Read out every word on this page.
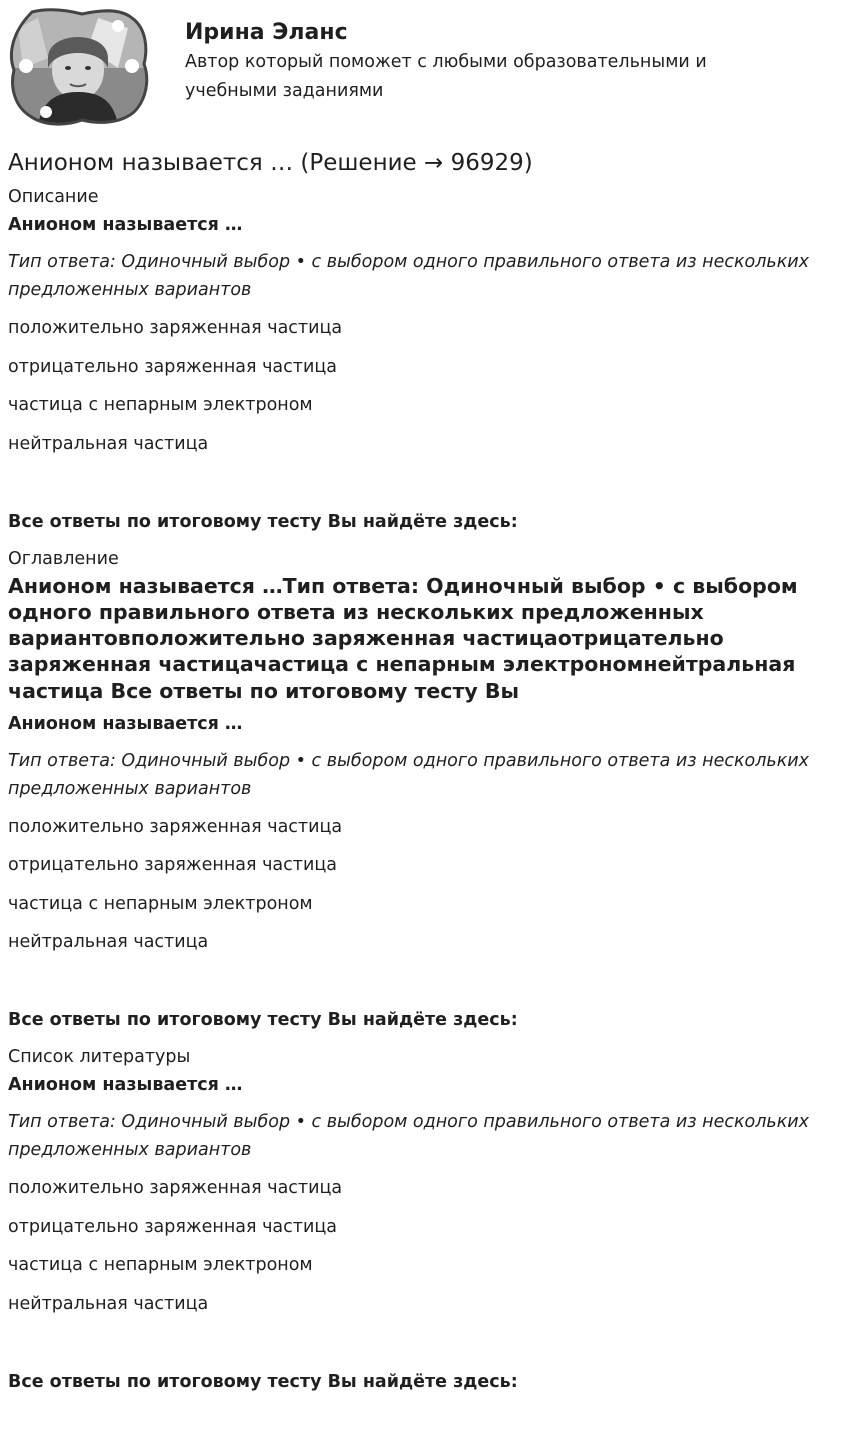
Ирина Эланс
Автор который поможет с любыми образовательными и учебными заданиями
Анионом называется … (Решение → 96929)
Описание
Анионом называется …
Тип ответа: Одиночный выбор • с выбором одного правильного ответа из нескольких предложенных вариантов
положительно заряженная частица
отрицательно заряженная частица
частица с непарным электроном
нейтральная частица
Все ответы по итоговому тесту Вы найдёте здесь:
Оглавление
Анионом называется …Тип ответа: Одиночный выбор • с выбором одного правильного ответа из нескольких предложенных вариантовположительно заряженная частицаотрицательно заряженная частицачастица с непарным электрономнейтральная частица Все ответы по итоговому тесту Вы
Анионом называется …
Тип ответа: Одиночный выбор • с выбором одного правильного ответа из нескольких предложенных вариантов
положительно заряженная частица
отрицательно заряженная частица
частица с непарным электроном
нейтральная частица
Все ответы по итоговому тесту Вы найдёте здесь:
Список литературы
Анионом называется …
Тип ответа: Одиночный выбор • с выбором одного правильного ответа из нескольких предложенных вариантов
положительно заряженная частица
отрицательно заряженная частица
частица с непарным электроном
нейтральная частица
Все ответы по итоговому тесту Вы найдёте здесь:
